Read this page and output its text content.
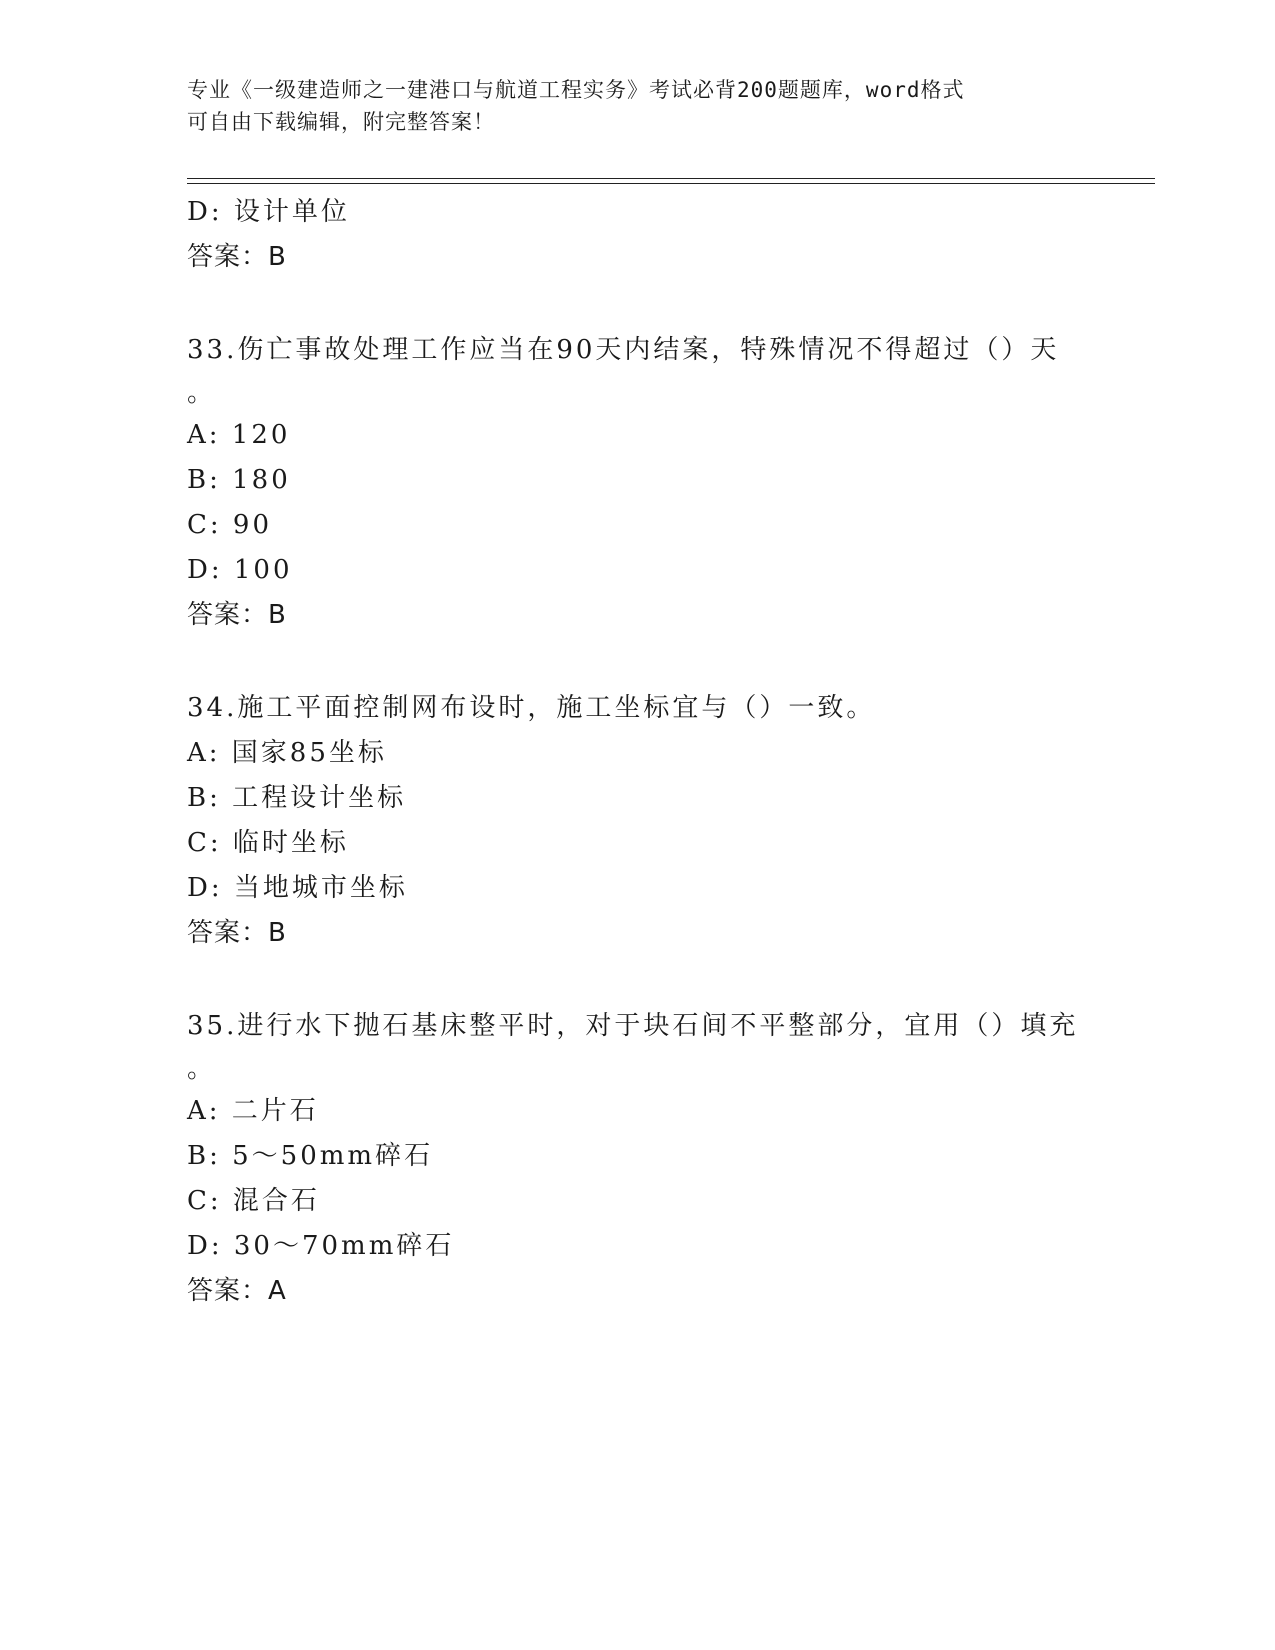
专业《一级建造师之一建港口与航道工程实务》考试必背200题题库，word格式
可自由下载编辑，附完整答案！
D: 设计单位
答案：B
33.伤亡事故处理工作应当在90天内结案，特殊情况不得超过（）天
。
A: 120
B: 180
C: 90
D: 100
答案：B
34.施工平面控制网布设时，施工坐标宜与（）一致。
A: 国家85坐标
B: 工程设计坐标
C: 临时坐标
D: 当地城市坐标
答案：B
35.进行水下抛石基床整平时，对于块石间不平整部分，宜用（）填充
。
A: 二片石
B: 5～50mm碎石
C: 混合石
D: 30～70mm碎石
答案：A
